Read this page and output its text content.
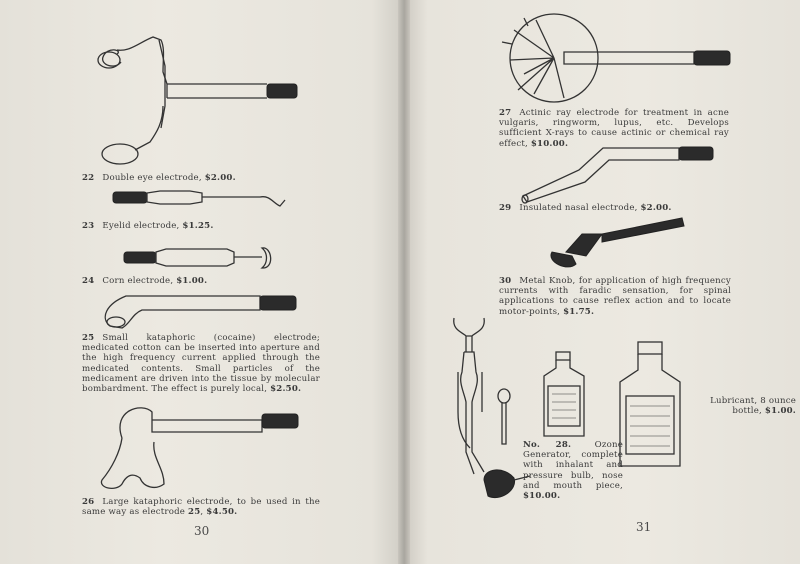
22 Double eye electrode, $2.00.
23 Eyelid electrode, $1.25.
24 Corn electrode, $1.00.
25 Small kataphoric (cocaine) electrode; medicated cotton can be inserted into aperture and the high frequency current applied through the medicated contents. Small particles of the medicament are driven into the tissue by molecular bombardment. The effect is purely local, $2.50.
26 Large kataphoric electrode, to be used in the same way as electrode 25, $4.50.
30
27 Actinic ray electrode for treatment in acne vulgaris, ringworm, lupus, etc. Develops sufficient X-rays to cause actinic or chemical ray effect, $10.00.
29 Insulated nasal electrode, $2.00.
30 Metal Knob, for application of high frequency currents with faradic sensation, for spinal applications to cause reflex action and to locate motor-points, $1.75.
No. 28.	Ozone Generator, complete with inhalant and pressure bulb, nose and mouth piece, $10.00.
Lubricant, 8 ounce bottle, $1.00.
31
